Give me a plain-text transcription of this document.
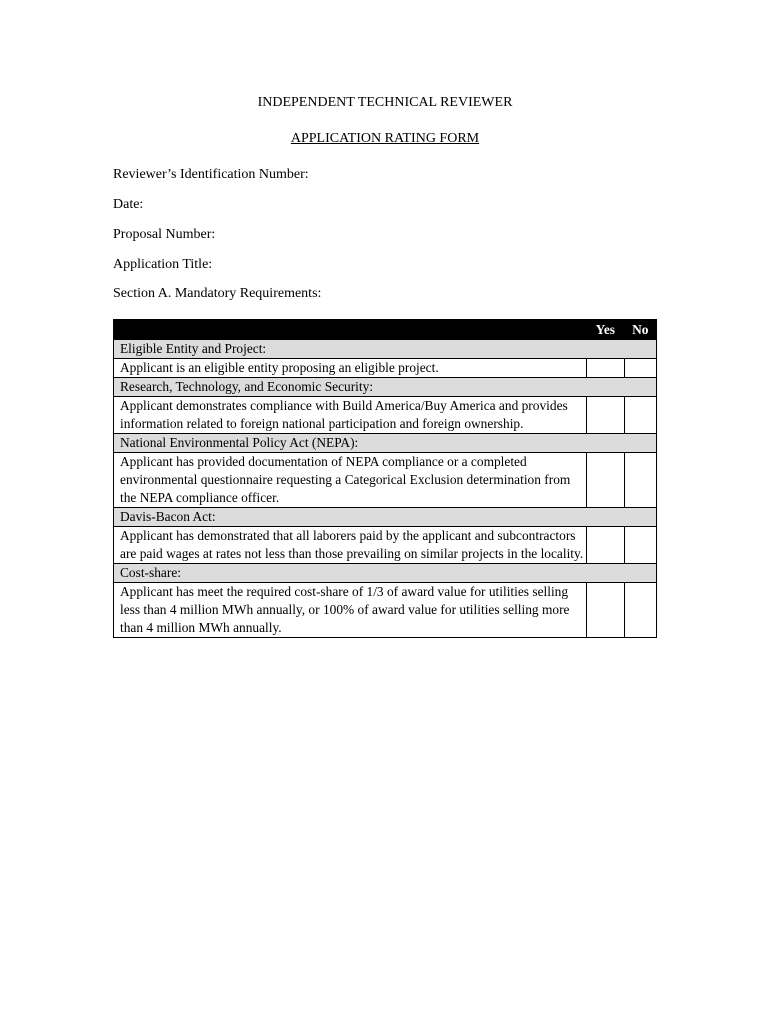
INDEPENDENT TECHNICAL REVIEWER
APPLICATION RATING FORM
Reviewer’s Identification Number:
Date:
Proposal Number:
Application Title:
Section A. Mandatory Requirements:
	Yes	No
Eligible Entity and Project:		
Applicant is an eligible entity proposing an eligible project.	

Research, Technology, and Economic Security:		
Applicant demonstrates compliance with Build America/Buy America and provides information related to foreign national participation and foreign ownership.	

National Environmental Policy Act (NEPA):		
Applicant has provided documentation of NEPA compliance or a completed environmental questionnaire requesting a Categorical Exclusion determination from the NEPA compliance officer.	

Davis-Bacon Act:		
Applicant has demonstrated that all laborers paid by the applicant and subcontractors are paid wages at rates not less than those prevailing on similar projects in the locality.	

Cost-share:		
Applicant has meet the required cost-share of 1/3 of award value for utilities selling less than 4 million MWh annually, or 100% of award value for utilities selling more than 4 million MWh annually.	
